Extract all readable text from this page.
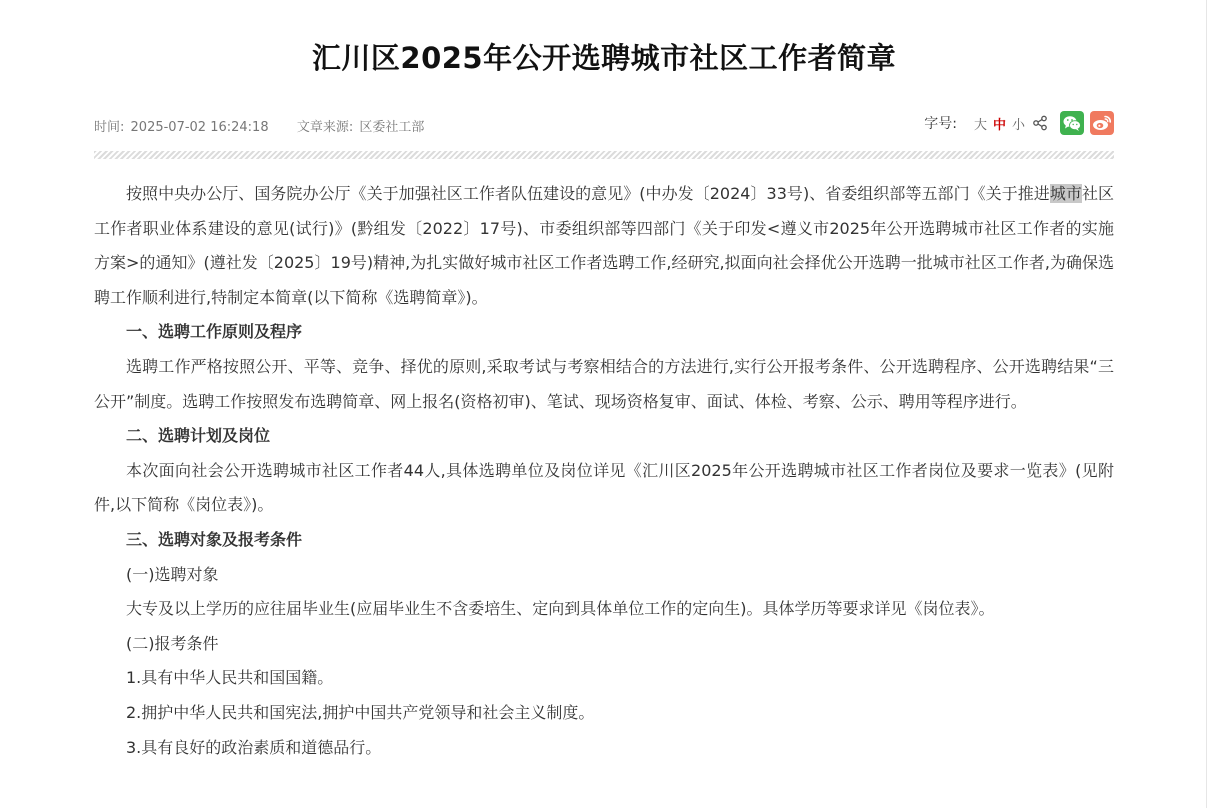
汇川区2025年公开选聘城市社区工作者简章
时间: 2025-07-02 16:24:18 文章来源: 区委社工部	字号: 大 中 小

按照中央办公厅、国务院办公厅《关于加强社区工作者队伍建设的意见》(中办发〔2024〕33号)、省委组织部等五部门《关于推进城市社区工作者职业体系建设的意见(试行)》(黔组发〔2022〕17号)、市委组织部等四部门《关于印发<遵义市2025年公开选聘城市社区工作者的实施方案>的通知》(遵社发〔2025〕19号)精神,为扎实做好城市社区工作者选聘工作,经研究,拟面向社会择优公开选聘一批城市社区工作者,为确保选聘工作顺利进行,特制定本简章(以下简称《选聘简章》)。

一、选聘工作原则及程序

选聘工作严格按照公开、平等、竞争、择优的原则,采取考试与考察相结合的方法进行,实行公开报考条件、公开选聘程序、公开选聘结果“三公开”制度。选聘工作按照发布选聘简章、网上报名(资格初审)、笔试、现场资格复审、面试、体检、考察、公示、聘用等程序进行。

二、选聘计划及岗位

本次面向社会公开选聘城市社区工作者44人,具体选聘单位及岗位详见《汇川区2025年公开选聘城市社区工作者岗位及要求一览表》(见附件,以下简称《岗位表》)。

三、选聘对象及报考条件

(一)选聘对象

大专及以上学历的应往届毕业生(应届毕业生不含委培生、定向到具体单位工作的定向生)。具体学历等要求详见《岗位表》。

(二)报考条件

1.具有中华人民共和国国籍。

2.拥护中华人民共和国宪法,拥护中国共产党领导和社会主义制度。

3.具有良好的政治素质和道德品行。
